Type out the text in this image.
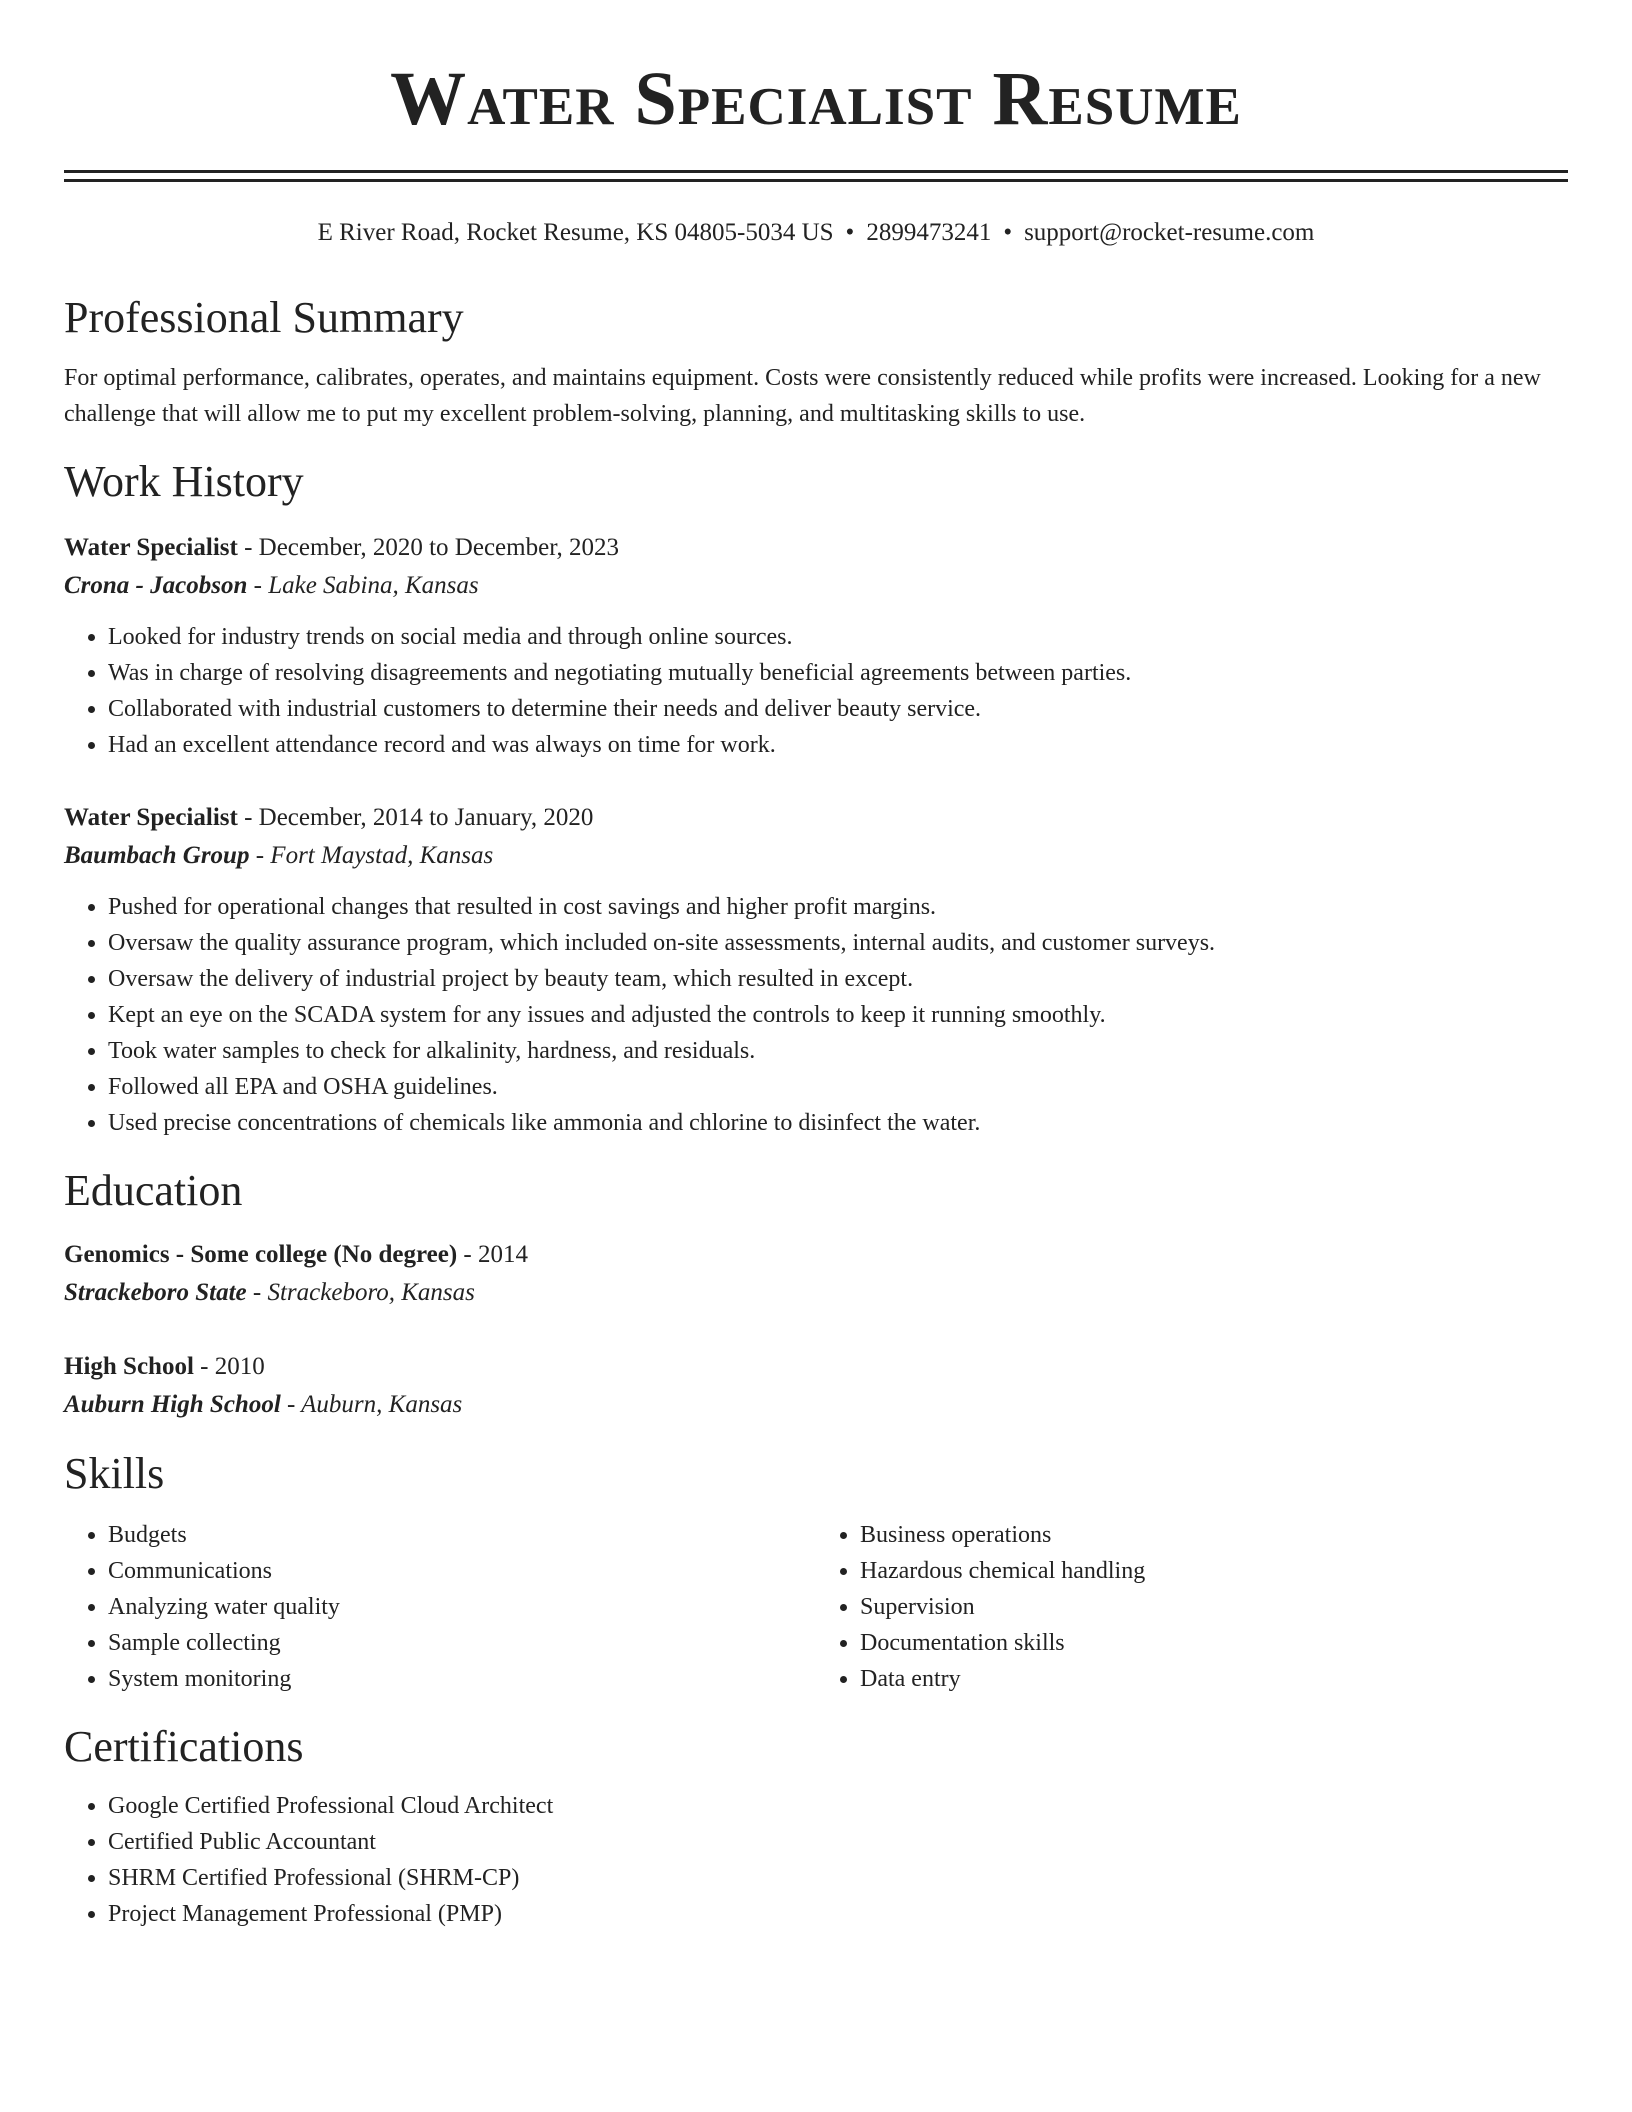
Water Specialist Resume
E River Road, Rocket Resume, KS 04805-5034 US • 2899473241 • support@rocket-resume.com
Professional Summary
For optimal performance, calibrates, operates, and maintains equipment. Costs were consistently reduced while profits were increased. Looking for a new challenge that will allow me to put my excellent problem-solving, planning, and multitasking skills to use.
Work History
Water Specialist - December, 2020 to December, 2023
Crona - Jacobson - Lake Sabina, Kansas
• Looked for industry trends on social media and through online sources.
• Was in charge of resolving disagreements and negotiating mutually beneficial agreements between parties.
• Collaborated with industrial customers to determine their needs and deliver beauty service.
• Had an excellent attendance record and was always on time for work.
Water Specialist - December, 2014 to January, 2020
Baumbach Group - Fort Maystad, Kansas
• Pushed for operational changes that resulted in cost savings and higher profit margins.
• Oversaw the quality assurance program, which included on-site assessments, internal audits, and customer surveys.
• Oversaw the delivery of industrial project by beauty team, which resulted in except.
• Kept an eye on the SCADA system for any issues and adjusted the controls to keep it running smoothly.
• Took water samples to check for alkalinity, hardness, and residuals.
• Followed all EPA and OSHA guidelines.
• Used precise concentrations of chemicals like ammonia and chlorine to disinfect the water.
Education
Genomics - Some college (No degree) - 2014
Strackeboro State - Strackeboro, Kansas
High School - 2010
Auburn High School - Auburn, Kansas
Skills
• Budgets
• Communications
• Analyzing water quality
• Sample collecting
• System monitoring
• Business operations
• Hazardous chemical handling
• Supervision
• Documentation skills
• Data entry
Certifications
• Google Certified Professional Cloud Architect
• Certified Public Accountant
• SHRM Certified Professional (SHRM-CP)
• Project Management Professional (PMP)
